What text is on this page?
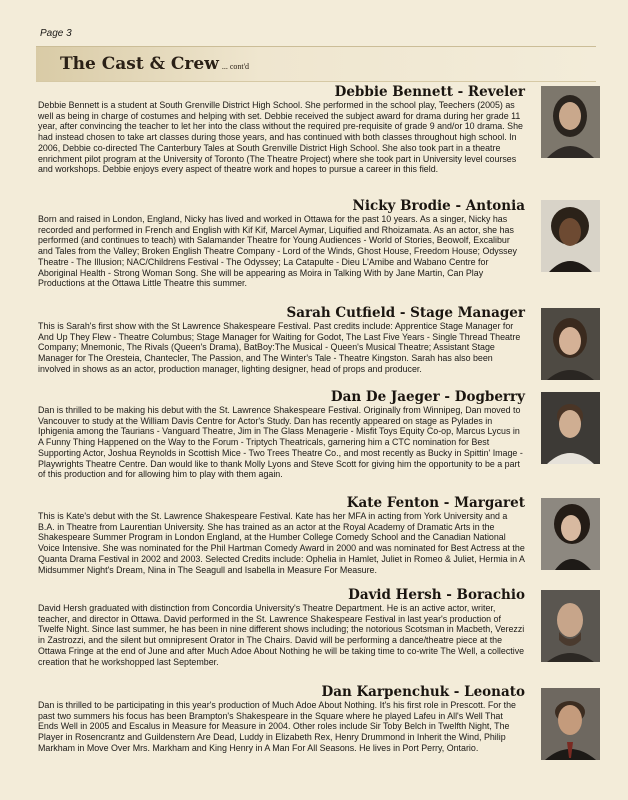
Page 3
The Cast & Crew ... cont'd
Debbie Bennett - Reveler
Debbie Bennett is a student at South Grenville District High School. She performed in the school play, Teechers (2005) as well as being in charge of costumes and helping with set. Debbie received the subject award for drama during her grade 11 year, after convincing the teacher to let her into the class without the required pre-requisite of grade 9 and/or 10 drama. She had instead chosen to take art classes during those years, and has continued with both classes throughout high school. In 2006, Debbie co-directed The Canterbury Tales at South Grenville District High School. She also took part in a theatre enrichment pilot program at the University of Toronto (The Theatre Project) where she took part in University level courses and workshops. Debbie enjoys every aspect of theatre work and hopes to pursue a career in this field.
Nicky Brodie - Antonia
Born and raised in London, England, Nicky has lived and worked in Ottawa for the past 10 years. As a singer, Nicky has recorded and performed in French and English with Kif Kif, Marcel Aymar, Liquified and Rhoizamata. As an actor, she has performed (and continues to teach) with Salamander Theatre for Young Audiences - World of Stories, Beowolf, Excalibur and Tales from the Valley; Broken English Theatre Company - Lord of the Winds, Ghost House, Freedom House; Odyssey Theatre - The Illusion; NAC/Childrens Festival - The Odyssey; La Catapulte - Dieu L'Amibe and Wabano Centre for Aboriginal Health - Strong Woman Song. She will be appearing as Moira in Talking With by Jane Martin, Can Play Productions at the Ottawa Little Theatre this summer.
Sarah Cutfield - Stage Manager
This is Sarah's first show with the St Lawrence Shakespeare Festival. Past credits include: Apprentice Stage Manager for And Up They Flew - Theatre Columbus; Stage Manager for Waiting for Godot, The Last Five Years - Single Thread Theatre Company; Mnemonic, The Rivals (Queen's Drama), BatBoy:The Musical - Queen's Musical Theatre; Assistant Stage Manager for The Oresteia, Chantecler, The Passion, and The Winter's Tale - Theatre Kingston. Sarah has also been involved in shows as an actor, production manager, lighting designer, head of props and producer.
Dan De Jaeger - Dogberry
Dan is thrilled to be making his debut with the St. Lawrence Shakespeare Festival. Originally from Winnipeg, Dan moved to Vancouver to study at the William Davis Centre for Actor's Study. Dan has recently appeared on stage as Pylades in Iphigenia among the Taurians - Vanguard Theatre, Jim in The Glass Menagerie - Misfit Toys Equity Co-op, Marcus Lycus in A Funny Thing Happened on the Way to the Forum - Triptych Theatricals, garnering him a CTC nomination for Best Supporting Actor, Joshua Reynolds in Scottish Mice - Two Trees Theatre Co., and most recently as Bucky in Spittin' Image - Playwrights Theatre Centre. Dan would like to thank Molly Lyons and Steve Scott for giving him the opportunity to be a part of this production and for allowing him to play with them again.
Kate Fenton - Margaret
This is Kate's debut with the St. Lawrence Shakespeare Festival. Kate has her MFA in acting from York University and a B.A. in Theatre from Laurentian University. She has trained as an actor at the Royal Academy of Dramatic Arts in the Shakespeare Summer Program in London England, at the Humber College Comedy School and the Canadian National Voice Intensive. She was nominated for the Phil Hartman Comedy Award in 2000 and was nominated for Best Actress at the Quanta Drama Festival in 2002 and 2003. Selected Credits include: Ophelia in Hamlet, Juliet in Romeo & Juliet, Hermia in A Midsummer Night's Dream, Nina in The Seagull and Isabella in Measure For Measure.
David Hersh - Borachio
David Hersh graduated with distinction from Concordia University's Theatre Department. He is an active actor, writer, teacher, and director in Ottawa. David performed in the St. Lawrence Shakespeare Festival in last year's production of Twelfe Night. Since last summer, he has been in nine different shows including; the notorious Scotsman in Macbeth, Verezzi in Zastrozzi, and the silent but omnipresent Orator in The Chairs. David will be performing a dance/theatre piece at the Ottawa Fringe at the end of June and after Much Adoe About Nothing he will be taking time to co-write The Well, a collective creation that he workshopped last September.
Dan Karpenchuk - Leonato
Dan is thrilled to be participating in this year's production of Much Adoe About Nothing. It's his first role in Prescott. For the past two summers his focus has been Brampton's Shakespeare in the Square where he played Lafeu in All's Well That Ends Well in 2005 and Escalus in Measure for Measure in 2004. Other roles include Sir Toby Belch in Twelfth Night, The Player in Rosencrantz and Guildenstern Are Dead, Luddy in Elizabeth Rex, Henry Drummond in Inherit the Wind, Philip Markham in Move Over Mrs. Markham and King Henry in A Man For All Seasons. He lives in Port Perry, Ontario.
